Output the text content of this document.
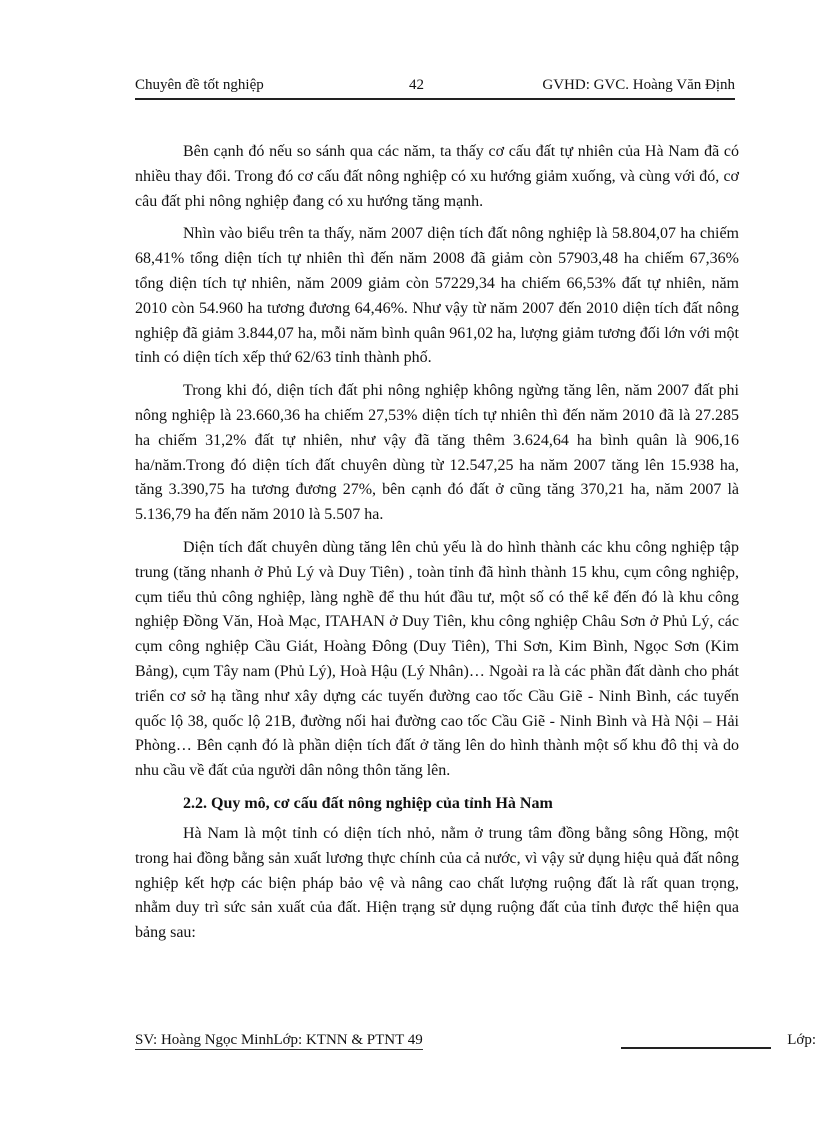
Chuyên đề tốt nghiệp	42	GVHD: GVC. Hoàng Văn Định

Bên cạnh đó nếu so sánh qua các năm, ta thấy cơ cấu đất tự nhiên của Hà Nam đã có nhiều thay đổi. Trong đó cơ cấu đất nông nghiệp có xu hướng giảm xuống, và cùng với đó, cơ câu đất phi nông nghiệp đang có xu hướng tăng mạnh.

Nhìn vào biểu trên ta thấy, năm 2007 diện tích đất nông nghiệp là 58.804,07 ha chiếm 68,41% tổng diện tích tự nhiên thì đến năm 2008 đã giảm còn 57903,48 ha chiếm 67,36% tổng diện tích tự nhiên, năm 2009 giảm còn 57229,34 ha chiếm 66,53% đất tự nhiên, năm 2010 còn 54.960 ha tương đương 64,46%. Như vậy từ năm 2007 đến 2010 diện tích đất nông nghiệp đã giảm 3.844,07 ha, mỗi năm bình quân 961,02 ha, lượng giảm tương đối lớn với một tỉnh có diện tích xếp thứ 62/63 tỉnh thành phố.

Trong khi đó, diện tích đất phi nông nghiệp không ngừng tăng lên, năm 2007 đất phi nông nghiệp là 23.660,36 ha chiếm 27,53% diện tích tự nhiên thì đến năm 2010 đã là 27.285 ha chiếm 31,2% đất tự nhiên, như vậy đã tăng thêm 3.624,64 ha bình quân là 906,16 ha/năm.Trong đó diện tích đất chuyên dùng từ 12.547,25 ha năm 2007 tăng lên 15.938 ha, tăng 3.390,75 ha tương đương 27%, bên cạnh đó đất ở cũng tăng 370,21 ha, năm 2007 là 5.136,79 ha đến năm 2010 là 5.507 ha.

Diện tích đất chuyên dùng tăng lên chủ yếu là do hình thành các khu công nghiệp tập trung (tăng nhanh ở Phủ Lý và Duy Tiên) , toàn tỉnh đã hình thành 15 khu, cụm công nghiệp, cụm tiểu thủ công nghiệp, làng nghề để thu hút đầu tư, một số có thể kể đến đó là khu công nghiệp Đồng Văn, Hoà Mạc, ITAHAN ở Duy Tiên, khu công nghiệp Châu Sơn ở Phủ Lý, các cụm công nghiệp Cầu Giát, Hoàng Đông (Duy Tiên), Thi Sơn, Kim Bình, Ngọc Sơn (Kim Bảng), cụm Tây nam (Phủ Lý), Hoà Hậu (Lý Nhân)… Ngoài ra là các phần đất dành cho phát triển cơ sở hạ tầng như xây dựng các tuyến đường cao tốc Cầu Giẽ - Ninh Bình, các tuyến quốc lộ 38, quốc lộ 21B, đường nối hai đường cao tốc Cầu Giẽ - Ninh Bình và Hà Nội – Hải Phòng… Bên cạnh đó là phần diện tích đất ở tăng lên do hình thành một số khu đô thị và do nhu cầu về đất của người dân nông thôn tăng lên.

2.2. Quy mô, cơ cấu đất nông nghiệp của tỉnh Hà Nam

Hà Nam là một tỉnh có diện tích nhỏ, nằm ở trung tâm đồng bằng sông Hồng, một trong hai đồng bằng sản xuất lương thực chính của cả nước, vì vậy sử dụng hiệu quả đất nông nghiệp kết hợp các biện pháp bảo vệ và nâng cao chất lượng ruộng đất là rất quan trọng, nhằm duy trì sức sản xuất của đất. Hiện trạng sử dụng ruộng đất của tỉnh được thể hiện qua bảng sau:

SV: Hoàng Ngọc MinhLớp: KTNN & PTNT 49	Lớp:
